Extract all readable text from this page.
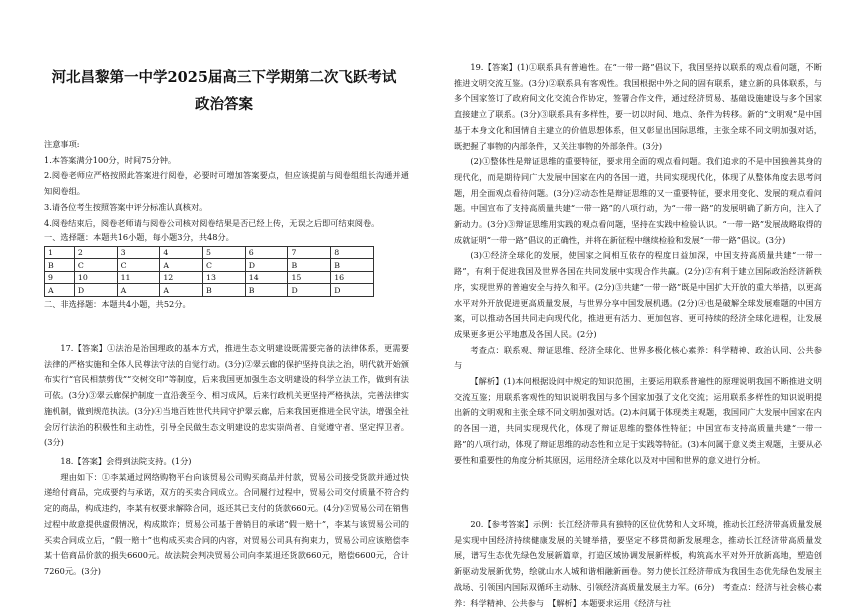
河北昌黎第一中学2025届高三下学期第二次飞跃考试
政治答案

注意事项:

1.本答案满分100分，时间75分钟。

2.阅卷老师应严格按照此答案进行阅卷，必要时可增加答案要点，但应该提前与阅卷组组长沟通并通知阅卷组。

3.请各位考生按照答案中评分标准认真核对。

4.阅卷结束后，阅卷老师请与阅卷公司核对阅卷结果是否已经上传，无误之后即可结束阅卷。

一、选择题：本题共16小题，每小题3分，共48分。

1	2	3	4	5	6	7	8
B	C	C	A	C	D	B	B
9	10	11	12	13	14	15	16
A	D	A	A	B	B	D	D

二、非选择题：本题共4小题，共52分。

17.【答案】①法治是治国理政的基本方式，推进生态文明建设既需要完备的法律体系，更需要法律的严格实施和全体人民尊法守法的自觉行动。(3分)②翠云廊的保护坚持良法之治，明代就开始颁布实行“官民相禁剪伐”“交树交印”等制度，后来我国更加强生态文明建设的科学立法工作，做到有法可依。(3分)③翠云廊保护制度一直沿袭至今、相习成风，后来行政机关更坚持严格执法，完善法律实施机制，做到规范执法。(3分)④当地百姓世代共同守护翠云廊，后来我国更推进全民守法，增强全社会厉行法治的积极性和主动性，引导全民做生态文明建设的忠实崇尚者、自觉遵守者、坚定捍卫者。(3分)

18.【答案】会得到法院支持。(1分)

理由如下：①李某通过网络购物平台向该贸易公司购买商品并付款，贸易公司接受货款并通过快递给付商品，完成要约与承诺，双方的买卖合同成立。合同履行过程中，贸易公司交付质量不符合约定的商品，构成违约，李某有权要求解除合同，返还其已支付的货款660元。(4分)②贸易公司在销售过程中故意提供虚假情况，构成欺诈；贸易公司基于普销目的承诺“假一赔十”，李某与该贸易公司的买卖合同成立后，“假一赔十”也构成买卖合同的内容，对贸易公司具有拘束力，贸易公司应该赔偿李某十倍商品价款的损失6600元。故法院会判决贸易公司向李某退还货款660元，赔偿6600元，合计7260元。(3分)

19.【答案】(1)①联系具有普遍性。在“一带一路”倡议下，我国坚持以联系的观点看问题，不断推进文明交流互鉴。(3分)②联系具有客观性。我国根据中外之间的固有联系，建立新的具体联系，与多个国家签订了政府间文化交流合作协定，签署合作文件，通过经济贸易、基础设施建设与多个国家直接建立了联系。(3分)③联系具有多样性，要一切以时间、地点、条件为转移。新的“文明观”是中国基于本身文化和国情自主建立的价值思想体系，但又彰显出国际思维，主张全球不同文明加强对话，既把握了事物的内部条件，又关注事物的外部条件。(3分)

(2)①整体性是辩证思维的重要特征，要求用全面的观点看问题。我们追求的不是中国独善其身的现代化，而是期待同广大发展中国家在内的各国一道，共同实现现代化，体现了从整体角度去思考问题，用全面观点看待问题。(3分)②动态性是辩证思维的又一重要特征，要求用变化、发展的观点看问题。中国宣布了支持高质量共建“一带一路”的八项行动，为“一带一路”的发展明确了新方向，注入了新动力。(3分)③辩证思维用实践的观点看问题，坚持在实践中检验认识。“一带一路”发展战略取得的成就证明“一带一路”倡议的正确性，并将在新征程中继续检验和发展“一带一路”倡议。(3分)

(3)①经济全球化的发展，使国家之间相互依存的程度日益加深，中国支持高质量共建“一带一路”，有利于促进我国及世界各国在共同发展中实现合作共赢。(2分)②有利于建立国际政治经济新秩序，实现世界的普遍安全与持久和平。(2分)③共建“一带一路”既是中国扩大开放的重大举措，以更高水平对外开放促进更高质量发展，与世界分享中国发展机遇。(2分)④也是破解全球发展难题的中国方案，可以推动各国共同走向现代化，推进更有活力、更加包容、更可持续的经济全球化进程，让发展成果更多更公平地惠及各国人民。(2分)

考查点：联系观、辩证思维、经济全球化、世界多极化核心素养：科学精神、政治认同、公共参与

【解析】(1)本问根据设问中规定的知识范围，主要运用联系普遍性的原理说明我国不断推进文明交流互鉴；用联系客观性的知识说明我国与多个国家加强了文化交流；运用联系多样性的知识说明提出新的文明观和主张全球不同文明加强对话。(2)本问属于体现类主观题，我国同广大发展中国家在内的各国一道，共同实现现代化，体现了辩证思维的整体性特征；中国宣布支持高质量共建“一带一路”的八项行动，体现了辩证思维的动态性和立足于实践等特征。(3)本问属于意义类主观题，主要从必要性和重要性的角度分析其原因，运用经济全球化以及对中国和世界的意义进行分析。

20.【参考答案】示例：长江经济带具有独特的区位优势和人文环境，推动长江经济带高质量发展是实现中国经济持续健康发展的关键举措，要坚定不移贯彻新发展理念，推动长江经济带高质量发展，谱写生态优先绿色发展新篇章，打造区域协调发展新样板，构筑高水平对外开放新高地，塑造创新驱动发展新优势，绘就山水人城和谐相融新画卷。努力使长江经济带成为我国生态优先绿色发展主战场、引领国内国际双循环主动脉、引领经济高质量发展主力军。(6分)　考查点：经济与社会核心素养：科学精神、公共参与　【解析】本题要求运用《经济与社
